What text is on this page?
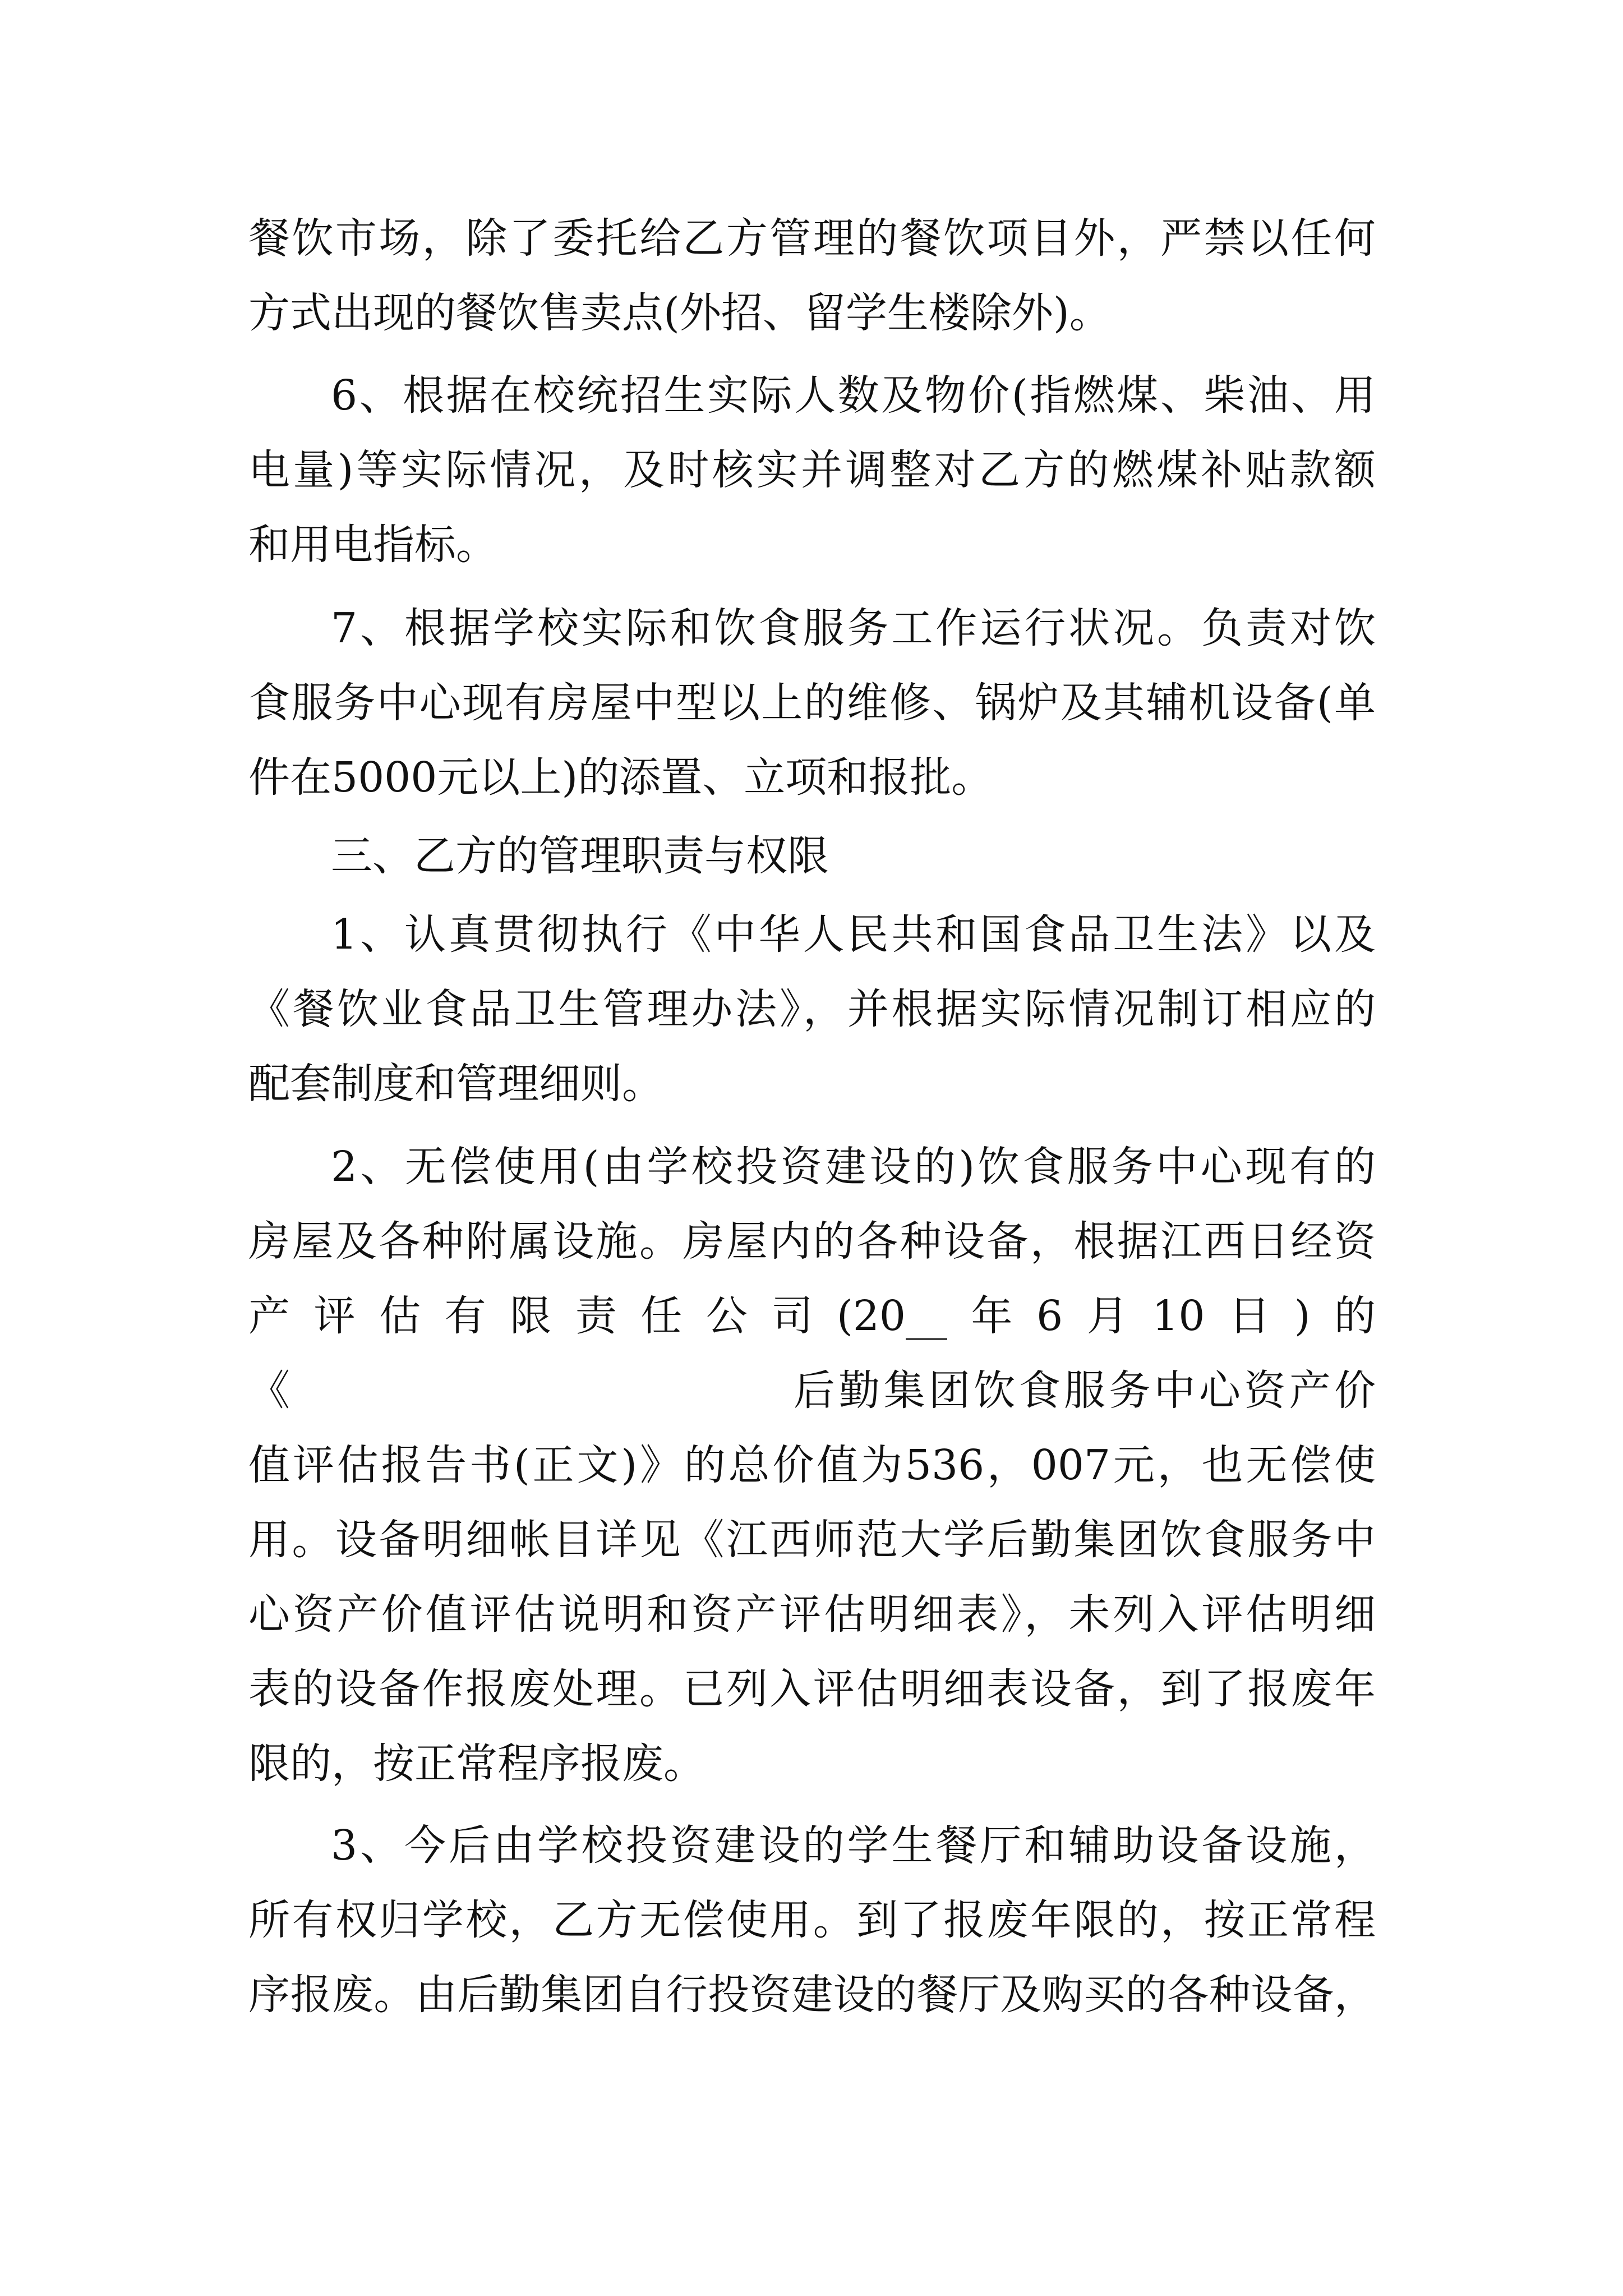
餐饮市场，除了委托给乙方管理的餐饮项目外，严禁以任何
方式出现的餐饮售卖点(外招、留学生楼除外)。
6、根据在校统招生实际人数及物价(指燃煤、柴油、用
电量)等实际情况，及时核实并调整对乙方的燃煤补贴款额
和用电指标。
7、根据学校实际和饮食服务工作运行状况。负责对饮
食服务中心现有房屋中型以上的维修、锅炉及其辅机设备(单
件在5000元以上)的添置、立项和报批。
三、乙方的管理职责与权限
1、认真贯彻执行《中华人民共和国食品卫生法》以及
《餐饮业食品卫生管理办法》，并根据实际情况制订相应的
配套制度和管理细则。
2、无偿使用(由学校投资建设的)饮食服务中心现有的
房屋及各种附属设施。房屋内的各种设备，根据江西日经资
产评估有限责任公司(20__年6月10日)的
《	后勤集团饮食服务中心资产价
值评估报告书(正文)》的总价值为536，007元，也无偿使
用。设备明细帐目详见《江西师范大学后勤集团饮食服务中
心资产价值评估说明和资产评估明细表》，未列入评估明细
表的设备作报废处理。已列入评估明细表设备，到了报废年
限的，按正常程序报废。
3、今后由学校投资建设的学生餐厅和辅助设备设施，
所有权归学校，乙方无偿使用。到了报废年限的，按正常程
序报废。由后勤集团自行投资建设的餐厅及购买的各种设备，
